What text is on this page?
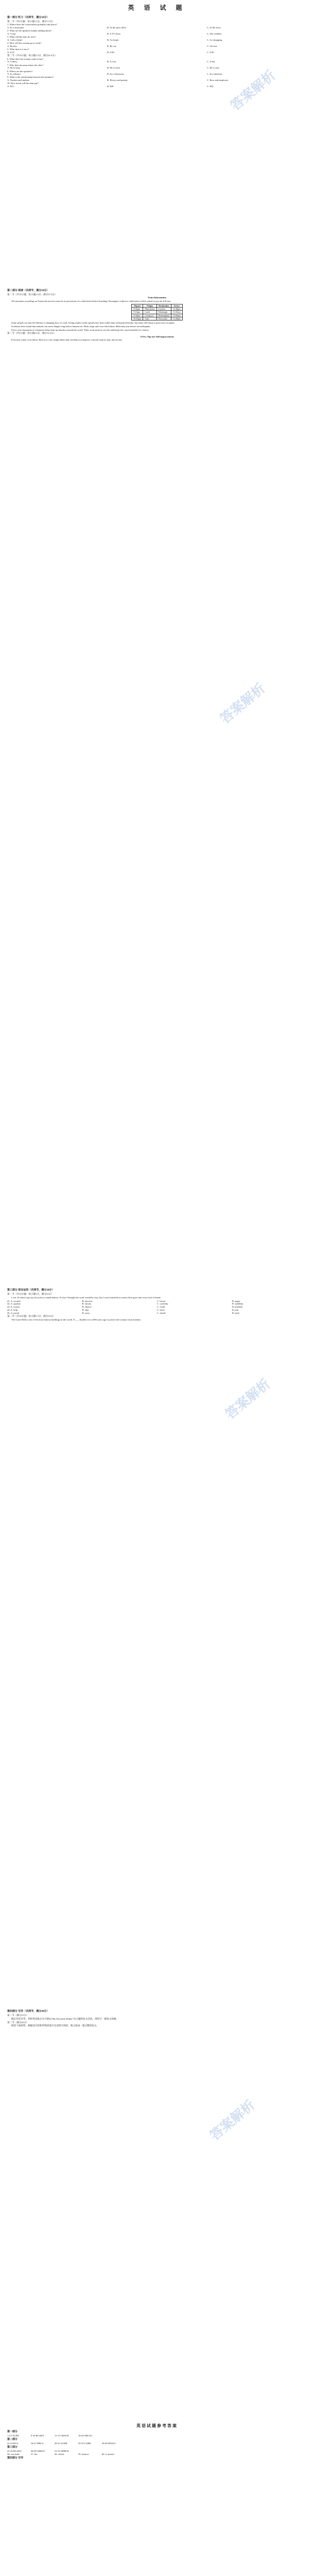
答案解析
答案解析
答案解析
答案解析

英 语 试 题

第一部分 听力（共两节，满分30分）
第一节（共5小题；每小题1.5分，满分7.5分）
1. Where does the conversation probably take place?
A. In a restaurant.	B. At the post office.	C. At the store.
2. What are the speakers mainly talking about?
A. A trip.	B. A TV show.	C. The weather.
3. What will the man do next?
A. Call a friend.	B. Go home.	C. Go shopping.
4. How will the woman go to work?
A. By bus.	B. By car.	C. On foot.
5. What time is it now?
A. 8:15.	B. 8:30.	C. 8:45.
第二节（共15小题；每小题1.5分，满分22.5分）
6. What does the woman want to buy?
A. A dress.	B. A coat.	C. A hat.
7. Why does the man refuse the offer?
A. He is busy.	B. He is tired.	C. He is sick.
8. Where are the speakers?
A. In a library.	B. In a classroom.	C. In a museum.
9. What is the relationship between the speakers?
A. Teacher and student.	B. Doctor and patient.	C. Boss and employee.
10. How much will the man pay?
A. $15.	B. $20.	C. $25.
第二部分 阅读（共两节，满分50分）
第一节（共15小题；每小题2.5分，满分37.5分）
Train Information

All customers travelling on Transweb services must be in possession of a valid ticket before boarding. Passengers without a valid ticket will be asked to pay the full fare.

Depart	Origin	Destination	Arrive
8:45pm	Manchester	London	11:40pm
9:10pm	Leeds	Edinburgh	12:30am
9:35pm	Liverpool	Birmingham	11:05pm
10:05pm	York	Newcastle	11:20pm

Some people say that the Internet is changing how we read. Young readers today spend more time online than with printed books, but many still enjoy a good story on paper.

Scientists have found that animals can sense danger long before humans do. Birds, dogs and even fish behave differently just before an earthquake.

Every year thousands of volunteers help clean up beaches around the world. Their work protects sea life and keeps the coast beautiful for visitors.

第二节（共5小题；每小题2.5分，满分12.5分）
A Few Tips for Self-improvement

Everyone wants to be better. Here are a few simple ideas that can help you improve yourself step by step, day by day.

第三部分 语言运用（共两节，满分30分）
第一节（共15小题；每小题1分，满分15分）

I was 16 when I got my first job at a small bakery. At first I thought the work would be easy, but I soon learned how much effort goes into every loaf of bread.

41. A. excited	B. nervous	C. bored	D. angry
42. A. quickly	B. slowly	C. carefully	D. suddenly
43. A. reason	B. chance	C. result	D. problem
44. A. help	B. stop	C. leave	D. join
45. A. proud	B. sorry	C. afraid	D. tired
第二节（共10小题；每小题1.5分，满分15分）

The Great Wall is one of the most famous buildings in the world. It ___ (build) over 2,000 years ago to protect the country from enemies.

第四部分 写作（共两节，满分40分）
第一节（满分15分）

假定你是李华，你校英语报正在开展以"My Favourite Hobby"为主题的征文活动。请你写一篇短文投稿。

第二节（满分25分）

阅读下面材料，根据其内容和所给段落开头语续写两段，使之构成一篇完整的短文。

英语试题参考答案
第一部分
1-5 CACBA	6-10 BCABA	11-15 CBACB	16-20 ABCAC
第二部分
21-23 BCA	24-27 DBCA	28-31 ACDB	32-35 CABD	36-40 FDAGC
第三部分
41-45 BCADA	46-50 CBDAC	51-55 ADBCB
56. was built	57. the	58. which	59. famous	60. to protect
第四部分 写作
